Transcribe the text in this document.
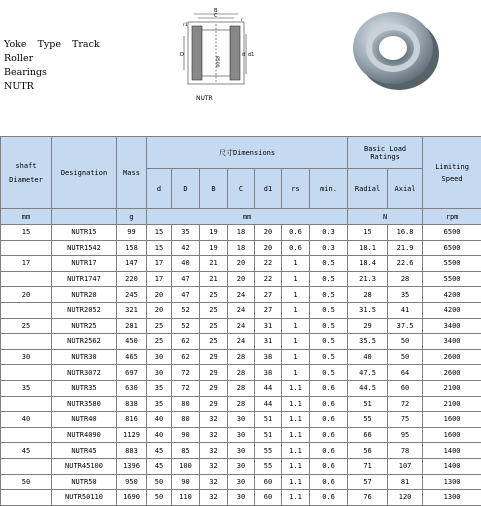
Yoke Type Track Roller
Bearings
NUTR
B
C
r1
r
D	d d1
8500
NUTR
shaft
Diameter	Designation	Mass	尺寸Dimensions							Basic Load Ratings		Limiting
Speed

			d	D	B	C	d1	rs	min.	Radial	Axial	
mm		g	mm							N		rpm
15	NUTR15	99	15	35	19	18	20	0.6	0.3	15	16.8	6500
	NUTR1542	158	15	42	19	18	20	0.6	0.3	18.1	21.9	6500
17	NUTR17	147	17	40	21	20	22	1	0.5	18.4	22.6	5500
	NUTR1747	220	17	47	21	20	22	1	0.5	21.3	28	5500
20	NUTR20	245	20	47	25	24	27	1	0.5	28	35	4200
	NUTR2052	321	20	52	25	24	27	1	0.5	31.5	41	4200
25	NUTR25	281	25	52	25	24	31	1	0.5	29	37.5	3400
	NUTR2562	450	25	62	25	24	31	1	0.5	35.5	50	3400
30	NUTR30	465	30	62	29	28	38	1	0.5	40	50	2600
	NUTR3072	697	30	72	29	28	38	1	0.5	47.5	64	2600
35	NUTR35	630	35	72	29	28	44	1.1	0.6	44.5	60	2100
	NUTR3580	838	35	80	29	28	44	1.1	0.6	51	72	2100
40	NUTR40	816	40	80	32	30	51	1.1	0.6	55	75	1600
	NUTR4090	1129	40	90	32	30	51	1.1	0.6	66	95	1600
45	NUTR45	883	45	85	32	30	55	1.1	0.6	56	78	1400
	NUTR45100	1396	45	100	32	30	55	1.1	0.6	71	107	1400
50	NUTR50	950	50	90	32	30	60	1.1	0.6	57	81	1300
	NUTR50110	1690	50	110	32	30	60	1.1	0.6	76	120	1300
